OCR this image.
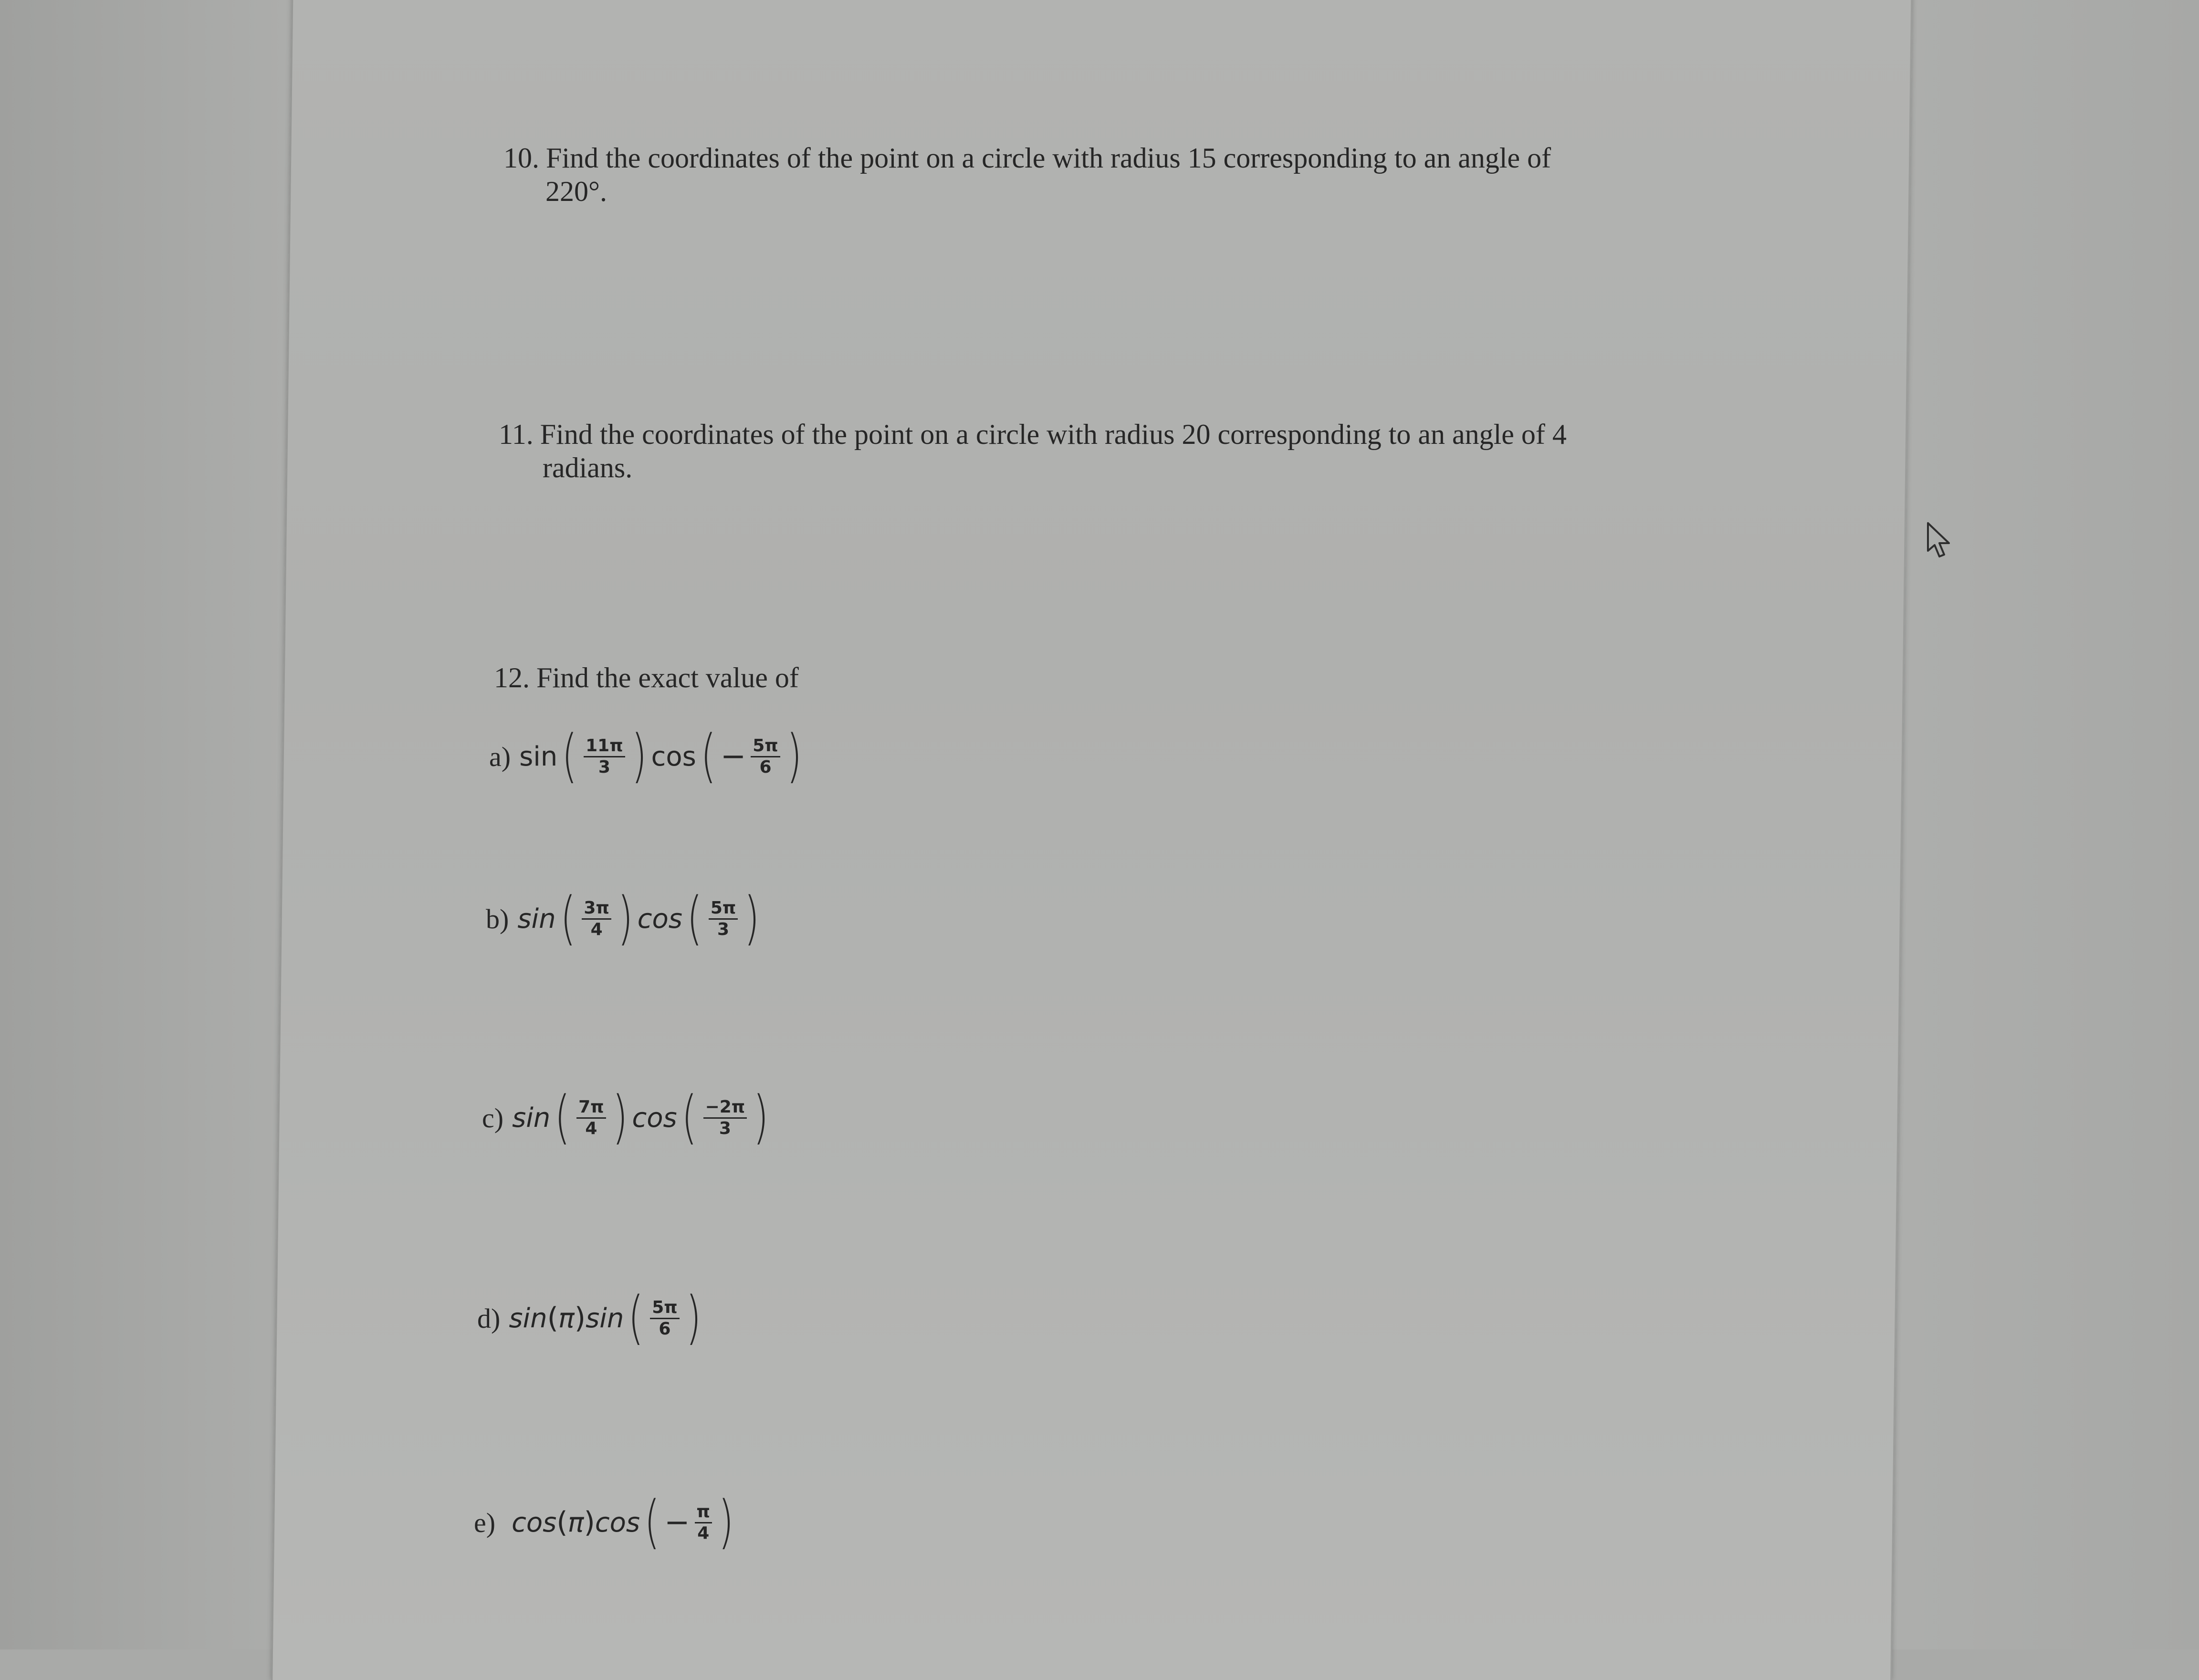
10. Find the coordinates of the point on a circle with radius 15 corresponding to an angle of
220°.
11. Find the coordinates of the point on a circle with radius 20 corresponding to an angle of 4
radians.
12. Find the exact value of
a) sin ( $\frac{11\pi}{3}$ ) cos ( − $\frac{5\pi}{6}$ )
b) sin ( $\frac{3\pi}{4}$ ) cos ( $\frac{5\pi}{3}$ )
c) sin ( $\frac{7\pi}{4}$ ) cos ( $\frac{-2\pi}{3}$ )
d) sin ( π ) sin ( $\frac{5\pi}{6}$ )
e) cos ( π ) cos ( − $\frac{\pi}{4}$ )
